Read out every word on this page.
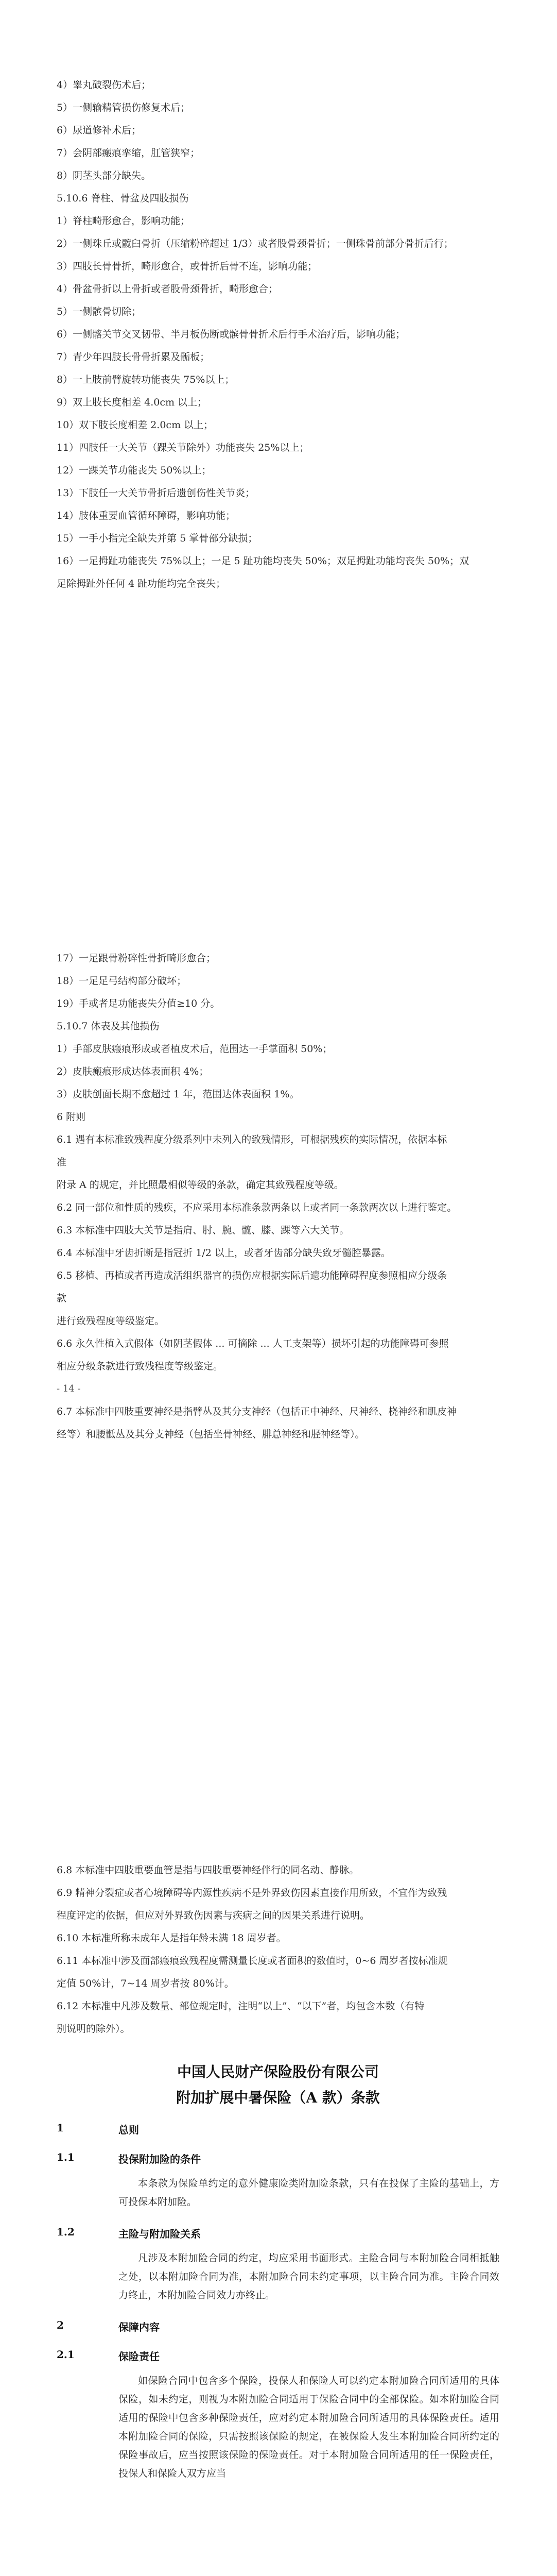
4）睾丸破裂伤术后；
5）一侧输精管损伤修复术后；
6）尿道修补术后；
7）会阴部瘢痕挛缩，肛管狭窄；
8）阴茎头部分缺失。
5.10.6 脊柱、骨盆及四肢损伤
1）脊柱畸形愈合，影响功能；
2）一侧珠丘或髋臼骨折（压缩粉碎超过 1/3）或者股骨颈骨折；一侧珠骨前部分骨折后行；
3）四肢长骨骨折，畸形愈合，或骨折后骨不连，影响功能；
4）骨盆骨折以上骨折或者股骨颈骨折，畸形愈合；
5）一侧髌骨切除；
6）一侧髂关节交叉韧带、半月板伤断或髌骨骨折术后行手术治疗后，影响功能；
7）青少年四肢长骨骨折累及骺板；
8）一上肢前臂旋转功能丧失 75%以上；
9）双上肢长度相差 4.0cm 以上；
10）双下肢长度相差 2.0cm 以上；
11）四肢任一大关节（踝关节除外）功能丧失 25%以上；
12）一踝关节功能丧失 50%以上；
13）下肢任一大关节骨折后遗创伤性关节炎；
14）肢体重要血管循环障碍，影响功能；
15）一手小指完全缺失并第 5 掌骨部分缺损；
16）一足拇趾功能丧失 75%以上；一足 5 趾功能均丧失 50%；双足拇趾功能均丧失 50%；双
足除拇趾外任何 4 趾功能均完全丧失；
17）一足跟骨粉碎性骨折畸形愈合；
18）一足足弓结构部分破坏；
19）手或者足功能丧失分值≥10 分。
5.10.7 体表及其他损伤
1）手部皮肤瘢痕形成或者植皮术后，范围达一手掌面积 50%；
2）皮肤瘢痕形成达体表面积 4%；
3）皮肤创面长期不愈超过 1 年，范围达体表面积 1%。
6 附则
6.1 遇有本标准致残程度分级系列中未列入的致残情形，可根据残疾的实际情况，依据本标
准
附录 A 的规定，并比照最相似等级的条款，确定其致残程度等级。
6.2 同一部位和性质的残疾，不应采用本标准条款两条以上或者同一条款两次以上进行鉴定。
6.3 本标准中四肢大关节是指肩、肘、腕、髋、膝、踝等六大关节。
6.4 本标准中牙齿折断是指冠折 1/2 以上，或者牙齿部分缺失致牙髓腔暴露。
6.5 移植、再植或者再造成活组织器官的损伤应根据实际后遗功能障碍程度参照相应分级条
款
进行致残程度等级鉴定。
6.6 永久性植入式假体（如阴茎假体 ... 可摘除 ... 人工支架等）损坏引起的功能障碍可参照
相应分级条款进行致残程度等级鉴定。
- 14 -
6.7 本标准中四肢重要神经是指臂丛及其分支神经（包括正中神经、尺神经、桡神经和肌皮神
经等）和腰骶丛及其分支神经（包括坐骨神经、腓总神经和胫神经等）。
6.8 本标准中四肢重要血管是指与四肢重要神经伴行的同名动、静脉。
6.9 精神分裂症或者心境障碍等内源性疾病不是外界致伤因素直接作用所致，不宜作为致残
程度评定的依据，但应对外界致伤因素与疾病之间的因果关系进行说明。
6.10 本标准所称未成年人是指年龄未满 18 周岁者。
6.11 本标准中涉及面部瘢痕致残程度需测量长度或者面积的数值时，0~6 周岁者按标准规
定值 50%计，7~14 周岁者按 80%计。
6.12 本标准中凡涉及数量、部位规定时，注明“以上”、“以下”者，均包含本数（有特
别说明的除外）。
中国人民财产保险股份有限公司
附加扩展中暑保险（A 款）条款
1	总则
1.1	投保附加险的条件

本条款为保险单约定的意外健康险类附加险条款，只有在投保了主险的基础上，方可投保本附加险。

1.2	主险与附加险关系

凡涉及本附加险合同的约定，均应采用书面形式。主险合同与本附加险合同相抵触之处，以本附加险合同为准，本附加险合同未约定事项，以主险合同为准。主险合同效力终止，本附加险合同效力亦终止。

2	保障内容
2.1	保险责任

如保险合同中包含多个保险，投保人和保险人可以约定本附加险合同所适用的具体保险，如未约定，则视为本附加险合同适用于保险合同中的全部保险。如本附加险合同适用的保险中包含多种保险责任，应对约定本附加险合同所适用的具体保险责任。适用本附加险合同的保险，只需按照该保险的规定，在被保险人发生本附加险合同所约定的保险事故后，应当按照该保险的保险责任。对于本附加险合同所适用的任一保险责任，投保人和保险人双方应当
